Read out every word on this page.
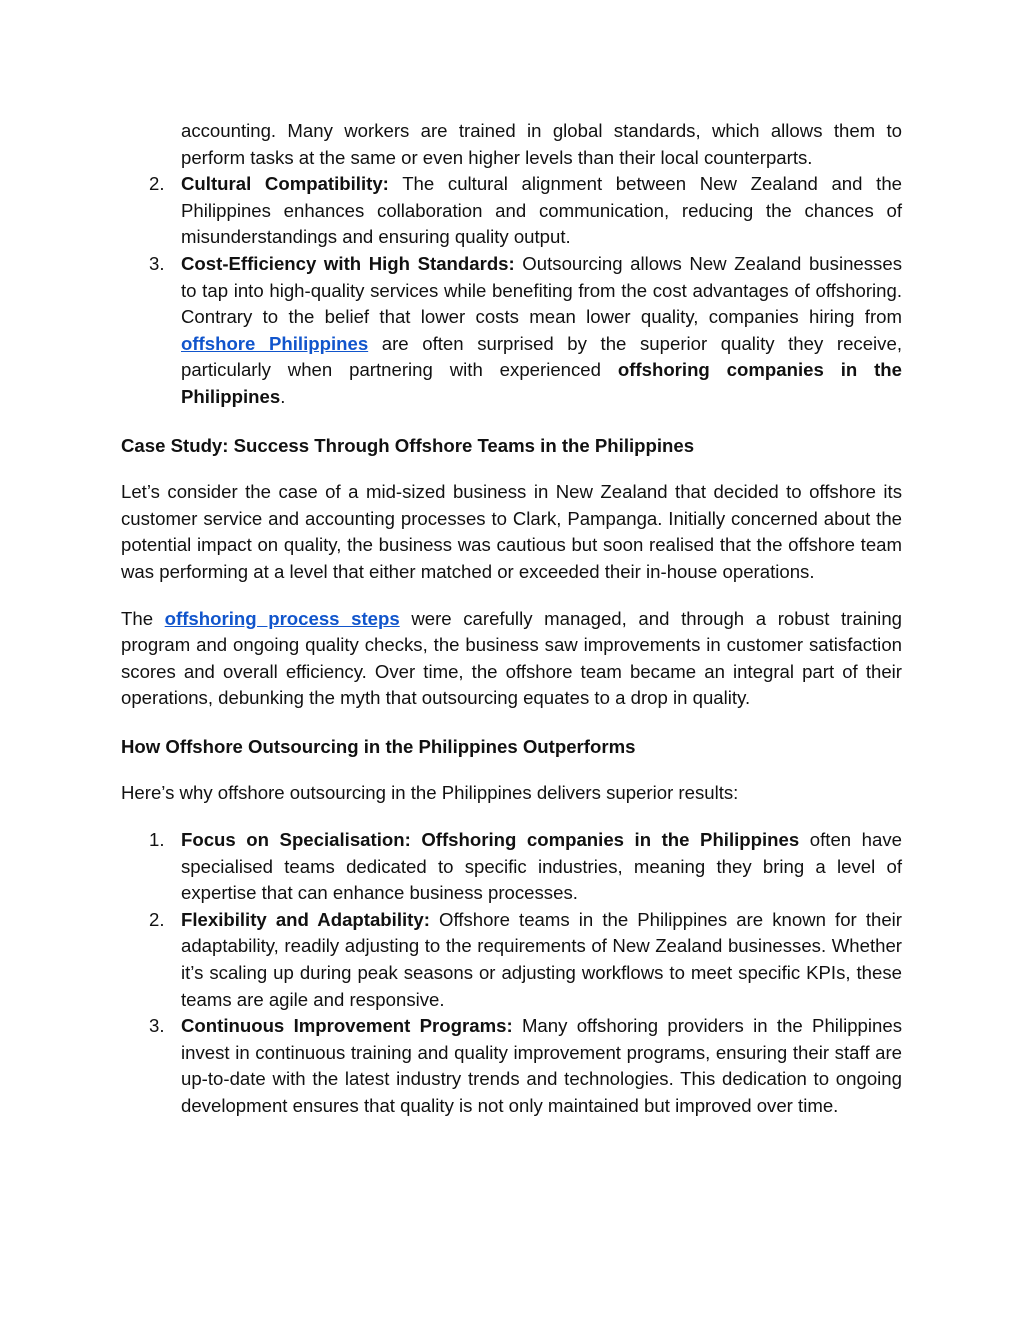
accounting. Many workers are trained in global standards, which allows them to perform tasks at the same or even higher levels than their local counterparts.
2. Cultural Compatibility: The cultural alignment between New Zealand and the Philippines enhances collaboration and communication, reducing the chances of misunderstandings and ensuring quality output.
3. Cost-Efficiency with High Standards: Outsourcing allows New Zealand businesses to tap into high-quality services while benefiting from the cost advantages of offshoring. Contrary to the belief that lower costs mean lower quality, companies hiring from offshore Philippines are often surprised by the superior quality they receive, particularly when partnering with experienced offshoring companies in the Philippines.
Case Study: Success Through Offshore Teams in the Philippines

Let’s consider the case of a mid-sized business in New Zealand that decided to offshore its customer service and accounting processes to Clark, Pampanga. Initially concerned about the potential impact on quality, the business was cautious but soon realised that the offshore team was performing at a level that either matched or exceeded their in-house operations.

The offshoring process steps were carefully managed, and through a robust training program and ongoing quality checks, the business saw improvements in customer satisfaction scores and overall efficiency. Over time, the offshore team became an integral part of their operations, debunking the myth that outsourcing equates to a drop in quality.

How Offshore Outsourcing in the Philippines Outperforms

Here’s why offshore outsourcing in the Philippines delivers superior results:

1. Focus on Specialisation: Offshoring companies in the Philippines often have specialised teams dedicated to specific industries, meaning they bring a level of expertise that can enhance business processes.
2. Flexibility and Adaptability: Offshore teams in the Philippines are known for their adaptability, readily adjusting to the requirements of New Zealand businesses. Whether it’s scaling up during peak seasons or adjusting workflows to meet specific KPIs, these teams are agile and responsive.
3. Continuous Improvement Programs: Many offshoring providers in the Philippines invest in continuous training and quality improvement programs, ensuring their staff are up-to-date with the latest industry trends and technologies. This dedication to ongoing development ensures that quality is not only maintained but improved over time.
